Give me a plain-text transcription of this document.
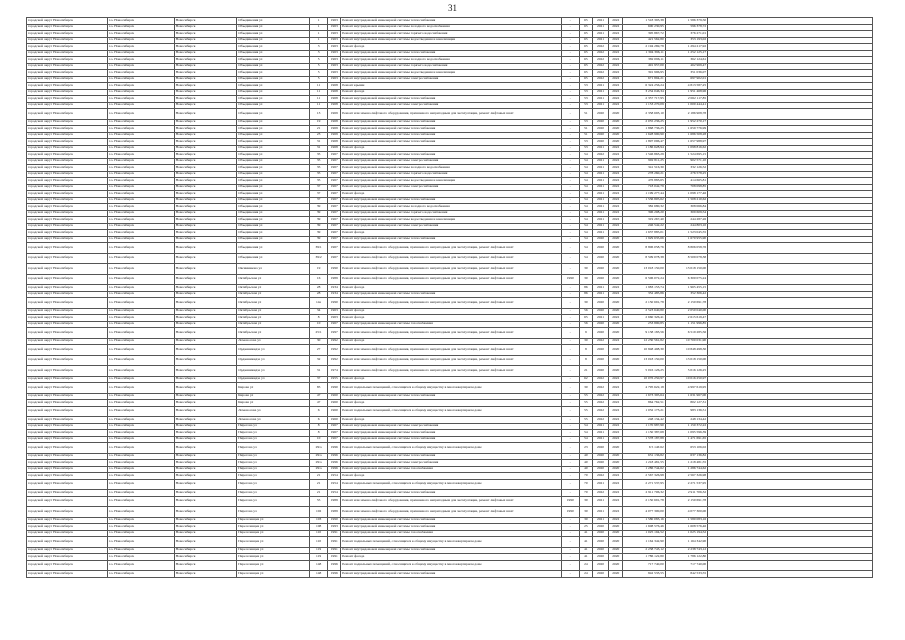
31
городской округ Новосибирск	г.о. Новосибирск	Новосибирск	Объединения ул	1	1963	Ремонт внутридомовой инженерной системы теплоснабжения	-	65	2021	2022	1 518 393,38	1 586 379,50	
городской округ Новосибирск	г.о. Новосибирск	Новосибирск	Объединения ул	1	1963	Ремонт внутридомовой инженерной системы холодного водоснабжения	-	65	2021	2022	600 230,95	596 378,72	
городской округ Новосибирск	г.о. Новосибирск	Новосибирск	Объединения ул	1	1963	Ремонт внутридомовой инженерной системы горячего водоснабжения	-	65	2021	2022	395 867,72	376 271,01	
городской округ Новосибирск	г.о. Новосибирск	Новосибирск	Объединения ул	1	1963	Ремонт внутридомовой инженерной системы водоотведения и канализации	-	65	2021	2022	421 562,80	353 193,02	
городской округ Новосибирск	г.о. Новосибирск	Новосибирск	Объединения ул	3	1963	Ремонт фасада	-	65	2022	2022	2 194 269,78	1 294 217,92	
городской округ Новосибирск	г.о. Новосибирск	Новосибирск	Объединения ул	3	1963	Ремонт внутридомовой инженерной системы теплоснабжения	-	65	2022	2022	1 304 396,11	1 252 125,17	
городской округ Новосибирск	г.о. Новосибирск	Новосибирск	Объединения ул	5	1963	Ремонт внутридомовой инженерной системы холодного водоснабжения	-	65	2022	2022	382 096,11	362 124,61	
городской округ Новосибирск	г.о. Новосибирск	Новосибирск	Объединения ул	5	1963	Ремонт внутридомовой инженерной системы горячего водоснабжения	-	65	2022	2022	491 957,00	462 969,47	
городской округ Новосибирск	г.о. Новосибирск	Новосибирск	Объединения ул	5	1963	Ремонт внутридомовой инженерной системы водоотведения и канализации	-	65	2022	2022	391 996,95	351 036,07	
городской округ Новосибирск	г.о. Новосибирск	Новосибирск	Объединения ул	5	1963	Ремонт внутридомовой инженерной системы электроснабжения	-	65	2022	2022	671 894,21	697 902,01	
городской округ Новосибирск	г.о. Новосибирск	Новосибирск	Объединения ул	11	1968	Ремонт крыши	-	53	2021	2022	6 324 256,24	4 813 587,25	
городской округ Новосибирск	г.о. Новосибирск	Новосибирск	Объединения ул	11	1968	Ремонт фасада	-	53	2021	2022	3 234 046,34	1 951 468,96	
городской округ Новосибирск	г.о. Новосибирск	Новосибирск	Объединения ул	11	1968	Ремонт внутридомовой инженерной системы теплоснабжения	-	53	2021	2022	2 357 717,95	2 062 117,85	
городской округ Новосибирск	г.о. Новосибирск	Новосибирск	Объединения ул	11	1968	Ремонт внутридомовой инженерной системы электроснабжения	-	53	2021	2022	1 153 270,09	1 000 444,41	
городской округ Новосибирск	г.о. Новосибирск	Новосибирск	Объединения ул	13	1969	Ремонт или замена лифтового оборудования, признанного непригодным для эксплуатации, ремонт лифтовых шахт	-	51	2020	2020	2 358 693,10	2 186 908,78	
городской округ Новосибирск	г.о. Новосибирск	Новосибирск	Объединения ул	19	1968	Ремонт внутридомовой инженерной системы теплоснабжения	-	53	2020	2020	2 055 236,25	1 952 270,17	
городской округ Новосибирск	г.о. Новосибирск	Новосибирск	Объединения ул	21	1969	Ремонт внутридомовой инженерной системы теплоснабжения	-	51	2020	2020	1 868 736,25	1 659 776,99	
городской округ Новосибирск	г.о. Новосибирск	Новосибирск	Объединения ул	23	1969	Ремонт внутридомовой инженерной системы теплоснабжения	-	51	2020	2020	1 628 990,90	1 686 508,28	
городской округ Новосибирск	г.о. Новосибирск	Новосибирск	Объединения ул	31	1968	Ремонт внутридомовой инженерной системы теплоснабжения	-	53	2020	2020	1 897 096,47	1 657 988,97	
городской округ Новосибирск	г.о. Новосибирск	Новосибирск	Объединения ул	31	1968	Ремонт фасада	-	53	2021	2022	1 186 628,94	1 098 816,62	
городской округ Новосибирск	г.о. Новосибирск	Новосибирск	Объединения ул	35	1967	Ремонт внутридомовой инженерной системы теплоснабжения	-	54	2022	2022	1 546 863,29	1 524 695,15	
городской округ Новосибирск	г.о. Новосибирск	Новосибирск	Объединения ул	35	1967	Ремонт внутридомовой инженерной системы электроснабжения	-	54	2021	2022	902 811,25	902 571,10	
городской округ Новосибирск	г.о. Новосибирск	Новосибирск	Объединения ул	35	1967	Ремонт внутридомовой инженерной системы холодного водоснабжения	-	54	2021	2022	341 516,30	332 126,52	
городской округ Новосибирск	г.о. Новосибирск	Новосибирск	Объединения ул	35	1967	Ремонт внутридомовой инженерной системы горячего водоснабжения	-	54	2021	2022	278 260,21	276 578,25	
городской округ Новосибирск	г.о. Новосибирск	Новосибирск	Объединения ул	35	1967	Ремонт внутридомовой инженерной системы водоотведения и канализации	-	54	2021	2022	476 883,65	414 665,81	
городской округ Новосибирск	г.о. Новосибирск	Новосибирск	Объединения ул	37	1967	Ремонт внутридомовой инженерной системы электроснабжения	-	54	2021	2022	718 042,79	708 098,85	
городской округ Новосибирск	г.о. Новосибирск	Новосибирск	Объединения ул	37	1967	Ремонт фасада	-	54	2021	2022	1 199 277,44	1 098 177,46	
городской округ Новосибирск	г.о. Новосибирск	Новосибирск	Объединения ул	37	1967	Ремонт внутридомовой инженерной системы теплоснабжения	-	54	2021	2022	1 536 805,62	1 508 210,62	
городской округ Новосибирск	г.о. Новосибирск	Новосибирск	Объединения ул	39	1967	Ремонт внутридомовой инженерной системы холодного водоснабжения	-	54	2021	2022	382 680,32	308 066,84	
городской округ Новосибирск	г.о. Новосибирск	Новосибирск	Объединения ул	39	1967	Ремонт внутридомовой инженерной системы горячего водоснабжения	-	54	2021	2022	396 208,20	309 609,54	
городской округ Новосибирск	г.о. Новосибирск	Новосибирск	Объединения ул	39	1967	Ремонт внутридомовой инженерной системы водоотведения и канализации	-	54	2021	2022	319 267,40	244 287,26	
городской округ Новосибирск	г.о. Новосибирск	Новосибирск	Объединения ул	39	1967	Ремонт внутридомовой инженерной системы электроснабжения	-	54	2021	2022	246 542,22	244 803,10	
городской округ Новосибирск	г.о. Новосибирск	Новосибирск	Объединения ул	39	1967	Ремонт фасада	-	54	2021	2022	1 637 885,01	1 523 045,55	
городской округ Новосибирск	г.о. Новосибирск	Новосибирск	Объединения ул	39	1967	Ремонт внутридомовой инженерной системы теплоснабжения	-	54	2020	2020	1 929 635,66	1 670 955,90	
городской округ Новосибирск	г.о. Новосибирск	Новосибирск	Объединения ул	39/1	1967	Ремонт или замена лифтового оборудования, признанного непригодным для эксплуатации, ремонт лифтовых шахт	-	54	2020	2020	8 806 058,76	8 806 058,76	
городской округ Новосибирск	г.о. Новосибирск	Новосибирск	Объединения ул	39/2	1967	Ремонт или замена лифтового оборудования, признанного непригодным для эксплуатации, ремонт лифтовых шахт	-	54	2020	2020	8 509 078,38	8 509 078,38	
городской округ Новосибирск	г.о. Новосибирск	Новосибирск	Овсянникова ул	19	1990	Ремонт или замена лифтового оборудования, признанного непригодным для эксплуатации, ремонт лифтовых шахт	-	30	2020	2020	13 018 150,00	13 018 150,00	
городской округ Новосибирск	г.о. Новосибирск	Новосибирск	Октябрьская ул	16	1989	Ремонт или замена лифтового оборудования, признанного непригодным для эксплуатации, ремонт лифтовых шахт	1990	30	2020	2020	6 506 072,24	6 300 075,24	
городской округ Новосибирск	г.о. Новосибирск	Новосибирск	Октябрьская ул	28	1934	Ремонт фасада	-	86	2021	2022	1 983 153,74	1 965 455,15	
городской округ Новосибирск	г.о. Новосибирск	Новосибирск	Октябрьская ул	28	1934	Ремонт внутридомовой инженерной системы теплоснабжения	-	86	2021	2022	352 485,86	352 306,42	
городской округ Новосибирск	г.о. Новосибирск	Новосибирск	Октябрьская ул	14а	1990	Ремонт или замена лифтового оборудования, признанного непригодным для эксплуатации, ремонт лифтовых шахт	-	30	2020	2020	2 150 691,78	2 150 691,78	
городской округ Новосибирск	г.о. Новосибирск	Новосибирск	Октябрьская ул	34	1963	Ремонт фасада	-	56	2020	2020	2 523 640,80	2 050 040,00	
городской округ Новосибирск	г.о. Новосибирск	Новосибирск	Октябрьская ул	8	1963	Ремонт фасада	-	65	2021	2022	2 660 326,41	2 615 619,47	
городской округ Новосибирск	г.о. Новосибирск	Новосибирск	Октябрьская ул	10	1967	Ремонт внутридомовой инженерной системы газоснабжения	-	56	2020	2020	253 890,85	1 151 996,85	
городской округ Новосибирск	г.о. Новосибирск	Новосибирск	Октябрьская ул	25/1	1997	Ремонт или замена лифтового оборудования, признанного непригодным для эксплуатации, ремонт лифтовых шахт	-	9	2020	2020	9 138 183,56	6 519 285,56	
городской округ Новосибирск	г.о. Новосибирск	Новосибирск	Ломоносова ул	30	1992	Ремонт фасада	-	30	2022	2022	12 230 561,82	10 700 031,90	
городской округ Новосибирск	г.о. Новосибирск	Новосибирск	Ордженикидзе ул	27	1992	Ремонт или замена лифтового оборудования, признанного непригодным для эксплуатации, ремонт лифтовых шахт	-	8	2020	2020	10 848 498,30	10 848 498,30	
городской округ Новосибирск	г.о. Новосибирск	Новосибирск	Ордженикидзе ул	32	1992	Ремонт или замена лифтового оборудования, признанного непригодным для эксплуатации, ремонт лифтовых шахт	-	8	2020	2020	13 018 150,00	13 018 150,00	
городской округ Новосибирск	г.о. Новосибирск	Новосибирск	Ордженикидзе ул	31	1974	Ремонт или замена лифтового оборудования, признанного непригодным для эксплуатации, ремонт лифтовых шахт	-	21	2020	2020	5 016 126,25	5 016 126,25	
городской округ Новосибирск	г.о. Новосибирск	Новосибирск	Ордженикидзе ул	37	1955	Ремонт фасада	-	62	2022	2022	10 076 250,97	10 016 250,97	
городской округ Новосибирск	г.о. Новосибирск	Новосибирск	Кирова ул	85	1990	Ремонт подвальных помещений, относящихся к общему имуществу в многоквартирном доме	-	30	2022	2022	4 795 622,18	4 997 619,95	
городской округ Новосибирск	г.о. Новосибирск	Новосибирск	Кирова ул	47	1960	Ремонт внутридомовой инженерной системы теплоснабжения	-	55	2022	2022	1 673 395,64	1 631 967,00	
городской округ Новосибирск	г.о. Новосибирск	Новосибирск	Кирова ул	47	1960	Ремонт фасада	-	55	2022	2022	864 762,51	802 127,31	
городской округ Новосибирск	г.о. Новосибирск	Новосибирск	Ломоносова ул	6	1960	Ремонт подвальных помещений, относящихся к общему имуществу в многоквартирном доме	-	55	2022	2022	1 032 173,21	983 136,51	
городской округ Новосибирск	г.о. Новосибирск	Новосибирск	Ломоносова ул	6	1960	Ремонт фасада	-	55	2022	2022	248 134,42	248 134,42	
городской округ Новосибирск	г.о. Новосибирск	Новосибирск	Пирогова ул	8	1967	Ремонт внутридомовой инженерной системы электроснабжения	-	54	2021	2022	1 170 987,90	1 150 372,22	
городской округ Новосибирск	г.о. Новосибирск	Новосибирск	Пирогова ул	8	1967	Ремонт внутридомовой инженерной системы теплоснабжения	-	54	2021	2022	1 150 387,68	1 095 596,39	
городской округ Новосибирск	г.о. Новосибирск	Новосибирск	Пирогова ул	10	1967	Ремонт внутридомовой инженерной системы теплоснабжения	-	54	2021	2022	1 578 187,88	1 471 691,65	
городской округ Новосибирск	г.о. Новосибирск	Новосибирск	Пирогова ул	29/a	1996	Ремонт подвальных помещений, относящихся к общему имуществу в многоквартирном доме	-	23	2020	2020	6 5 146 62	653 106,02	
городской округ Новосибирск	г.о. Новосибирск	Новосибирск	Пирогова ул	29/a	1996	Ремонт внутридомовой инженерной системы теплоснабжения	-	40	2020	2020	631 136,82	637 136,82	
городской округ Новосибирск	г.о. Новосибирск	Новосибирск	Пирогова ул	29/a	1996	Ремонт внутридомовой инженерной системы электроснабжения	-	40	2020	2020	1 218 481,55	1 218 481,55	
городской округ Новосибирск	г.о. Новосибирск	Новосибирск	Пирогова ул	29/a	1996	Ремонт внутридомовой инженерной системы газоснабжения	-	40	2020	2020	1 286 744,62	1 286 744,62	
городской округ Новосибирск	г.о. Новосибирск	Новосибирск	Пирогова ул	21	1954	Ремонт фасада	-	70	2022	2022	2 567 326,98	2 567 326,98	
городской округ Новосибирск	г.о. Новосибирск	Новосибирск	Пирогова ул	21	1954	Ремонт подвальных помещений, относящихся к общему имуществу в многоквартирном доме	-	70	2021	2022	2 271 537,95	2 271 537,95	
городской округ Новосибирск	г.о. Новосибирск	Новосибирск	Пирогова ул	21	1954	Ремонт внутридомовой инженерной системы теплоснабжения	-	70	2022	2022	2 911 706,32	2 911 706,32	
городской округ Новосибирск	г.о. Новосибирск	Новосибирск	Пирогова ул	55	1989	Ремонт или замена лифтового оборудования, признанного непригодным для эксплуатации, ремонт лифтовых шахт	1990	30	2021	2022	2 150 691,78	2 150 691,78	
городской округ Новосибирск	г.о. Новосибирск	Новосибирск	Пирогова ул	102	1989	Ремонт или замена лифтового оборудования, признанного непригодным для эксплуатации, ремонт лифтовых шахт	1990	30	2021	2022	4 077 300,00	4 077 300,00	
городской округ Новосибирск	г.о. Новосибирск	Новосибирск	Переселенцев ул	103	1990	Ремонт внутридомовой инженерной системы теплоснабжения	-	30	2021	2022	1 580 083,16	1 580 083,16	
городской округ Новосибирск	г.о. Новосибирск	Новосибирск	Переселенцев ул	108	1993	Ремонт внутридомовой инженерной системы теплоснабжения	-	25	2020	2020	1 608 576,46	1 608 576,46	
городской округ Новосибирск	г.о. Новосибирск	Новосибирск	Переселенцев ул	110	1991	Ремонт внутридомовой инженерной системы газоснабжения	-	41	2020	2020	1 025 194,52	1 025 194,52	
городской округ Новосибирск	г.о. Новосибирск	Новосибирск	Переселенцев ул	110	1991	Ремонт подвальных помещений, относящихся к общему имуществу в многоквартирном доме	-	41	2020	2020	1 164 342,90	1 164 342,90	
городской округ Новосибирск	г.о. Новосибирск	Новосибирск	Переселенцев ул	119	1991	Ремонт внутридомовой инженерной системы теплоснабжения	-	41	2020	2020	2 238 743,12	2 238 743,12	
городской округ Новосибирск	г.о. Новосибирск	Новосибирск	Переселенцев ул	119	1991	Ремонт фасада	-	41	2020	2020	1 786 122,80	1 786 122,80	
городской округ Новосибирск	г.о. Новосибирск	Новосибирск	Переселенцев ул	148	1996	Ремонт подвальных помещений, относящихся к общему имуществу в многоквартирном доме	-	24	2020	2020	717 740,00	717 740,00	
городской округ Новосибирск	г.о. Новосибирск	Новосибирск	Переселенцев ул	148	1996	Ремонт внутридомовой инженерной системы теплоснабжения	-	24	2020	2020	842 533,55	842 533,55	
